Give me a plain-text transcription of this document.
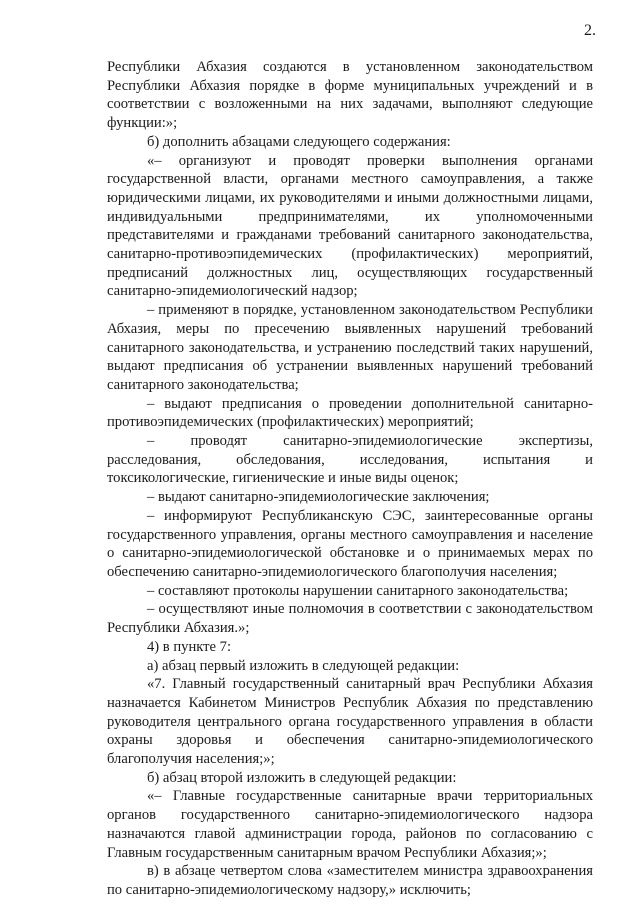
2.

Республики Абхазия создаются в установленном законодательством Республики Абхазия порядке в форме муниципальных учреждений и в соответствии с возложенными на них задачами, выполняют следующие функции:»;

б) дополнить абзацами следующего содержания:

«– организуют и проводят проверки выполнения органами государственной власти, органами местного самоуправления, а также юридическими лицами, их руководителями и иными должностными лицами, индивидуальными предпринимателями, их уполномоченными представителями и гражданами требований санитарного законодательства, санитарно-противоэпидемических (профилактических) мероприятий, предписаний должностных лиц, осуществляющих государственный санитарно-эпидемиологический надзор;

– применяют в порядке, установленном законодательством Республики Абхазия, меры по пресечению выявленных нарушений требований санитарного законодательства, и устранению последствий таких нарушений, выдают предписания об устранении выявленных нарушений требований санитарного законодательства;

– выдают предписания о проведении дополнительной санитарно-противоэпидемических (профилактических) мероприятий;

– проводят санитарно-эпидемиологические экспертизы, расследования, обследования, исследования, испытания и токсикологические, гигиенические и иные виды оценок;

– выдают санитарно-эпидемиологические заключения;

– информируют Республиканскую СЭС, заинтересованные органы государственного управления, органы местного самоуправления и население о санитарно-эпидемиологической обстановке и о принимаемых мерах по обеспечению санитарно-эпидемиологического благополучия населения;

– составляют протоколы нарушении санитарного законодательства;

– осуществляют иные полномочия в соответствии с законодательством Республики Абхазия.»;

4) в пункте 7:

а) абзац первый изложить в следующей редакции:

«7. Главный государственный санитарный врач Республики Абхазия назначается Кабинетом Министров Республик Абхазия по представлению руководителя центрального органа государственного управления в области охраны здоровья и обеспечения санитарно-эпидемиологического благополучия населения;»;

б) абзац второй изложить в следующей редакции:

«– Главные государственные санитарные врачи территориальных органов государственного санитарно-эпидемиологического надзора назначаются главой администрации города, районов по согласованию с Главным государственным санитарным врачом Республики Абхазия;»;

в) в абзаце четвертом слова «заместителем министра здравоохранения по санитарно-эпидемиологическому надзору,» исключить;
